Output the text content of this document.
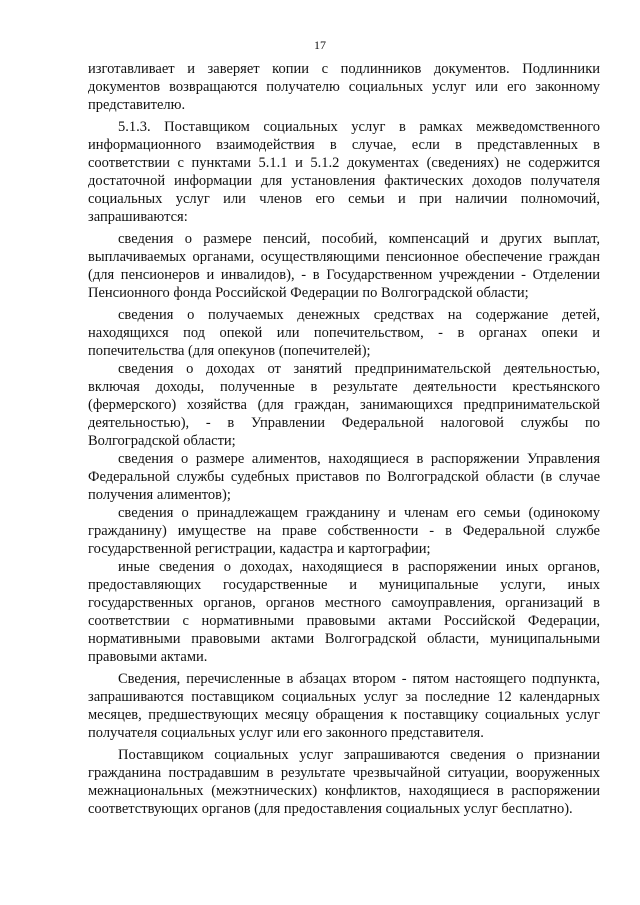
17

изготавливает и заверяет копии с подлинников документов. Подлинники документов возвращаются получателю социальных услуг или его законному представителю.

5.1.3. Поставщиком социальных услуг в рамках межведомственного информационного взаимодействия в случае, если в представленных в соответствии с пунктами 5.1.1 и 5.1.2 документах (сведениях) не содержится достаточной информации для установления фактических доходов получателя социальных услуг или членов его семьи и при наличии полномочий, запрашиваются:

сведения о размере пенсий, пособий, компенсаций и других выплат, выплачиваемых органами, осуществляющими пенсионное обеспечение граждан (для пенсионеров и инвалидов), - в Государственном учреждении - Отделении Пенсионного фонда Российской Федерации по Волгоградской области;

сведения о получаемых денежных средствах на содержание детей, находящихся под опекой или попечительством, - в органах опеки и попечительства (для опекунов (попечителей);

сведения о доходах от занятий предпринимательской деятельностью, включая доходы, полученные в результате деятельности крестьянского (фермерского) хозяйства (для граждан, занимающихся предпринимательской деятельностью), - в Управлении Федеральной налоговой службы по Волгоградской области;

сведения о размере алиментов, находящиеся в распоряжении Управления Федеральной службы судебных приставов по Волгоградской области (в случае получения алиментов);

сведения о принадлежащем гражданину и членам его семьи (одинокому гражданину) имуществе на праве собственности - в Федеральной службе государственной регистрации, кадастра и картографии;

иные сведения о доходах, находящиеся в распоряжении иных органов, предоставляющих государственные и муниципальные услуги, иных государственных органов, органов местного самоуправления, организаций в соответствии с нормативными правовыми актами Российской Федерации, нормативными правовыми актами Волгоградской области, муниципальными правовыми актами.

Сведения, перечисленные в абзацах втором - пятом настоящего подпункта, запрашиваются поставщиком социальных услуг за последние 12 календарных месяцев, предшествующих месяцу обращения к поставщику социальных услуг получателя социальных услуг или его законного представителя.

Поставщиком социальных услуг запрашиваются сведения о признании гражданина пострадавшим в результате чрезвычайной ситуации, вооруженных межнациональных (межэтнических) конфликтов, находящиеся в распоряжении соответствующих органов (для предоставления социальных услуг бесплатно).
